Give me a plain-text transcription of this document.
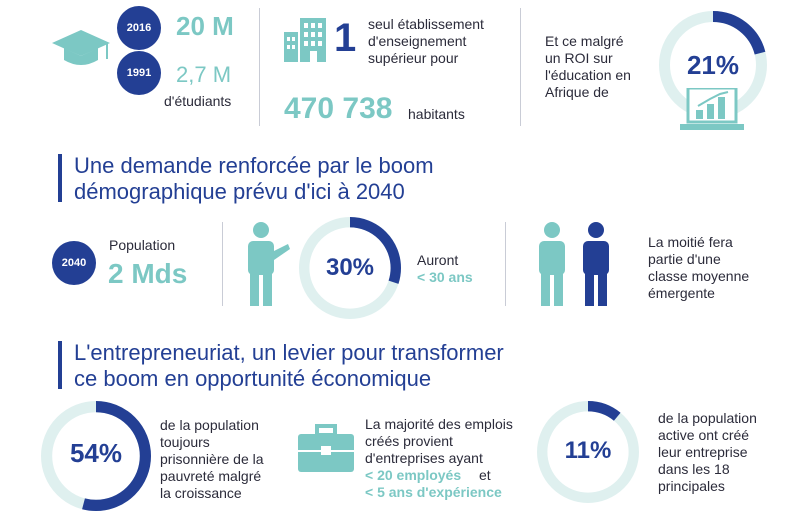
2016 20 M
1991	2,7 M
d'étudiants
1 seul établissement
d'enseignement
supérieur pour
470 738 habitants
Et ce malgré
un ROI sur
l'éducation en
Afrique de
21%
Une demande renforcée par le boom
démographique prévu d'ici à 2040
2040
Population
2 Mds	30%	Auront
< 30 ans
La moitié fera
partie d'une
classe moyenne
émergente
L'entrepreneuriat, un levier pour transformer
ce boom en opportunité économique
54%
de la population
toujours
prisonnière de la
pauvreté malgré
la croissance
La majorité des emplois
créés provient
d'entreprises ayant
< 20 employés et
< 5 ans d'expérience
11%
de la population
active ont créé
leur entreprise
dans les 18
principales
